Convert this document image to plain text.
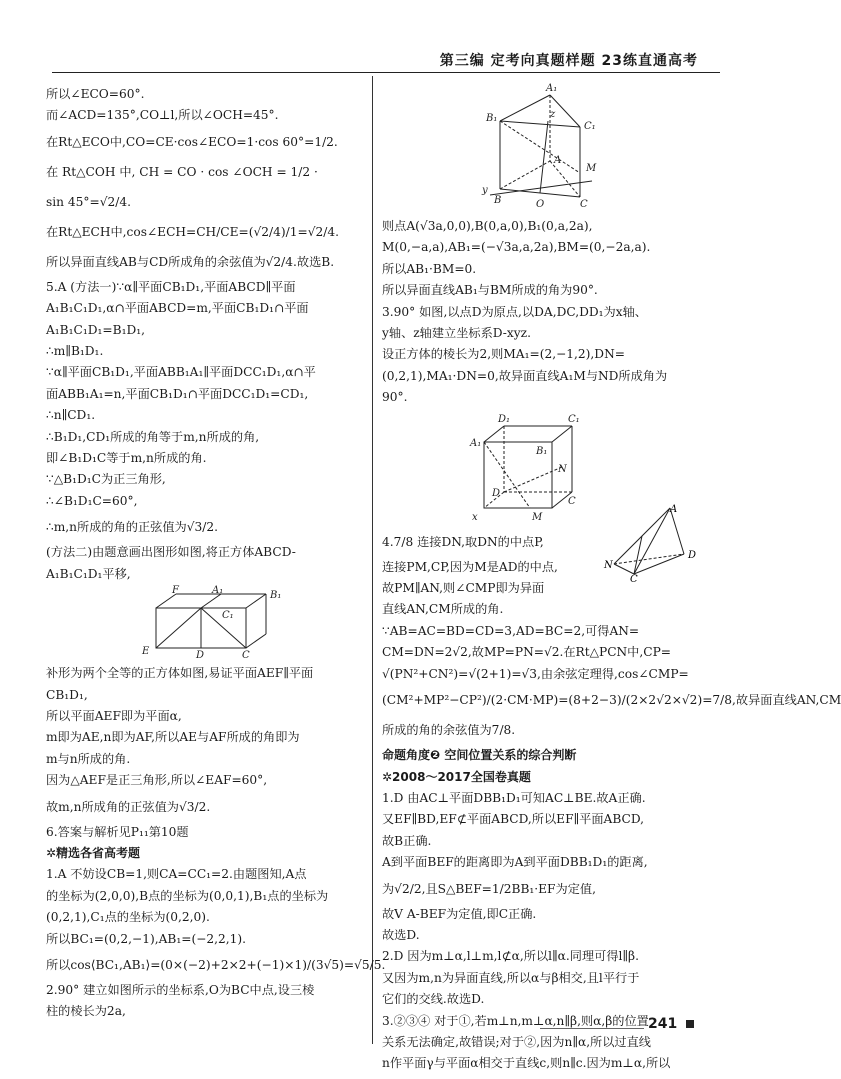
第三编 定考向真题样题 23练直通高考

所以∠ECO=60°.

而∠ACD=135°,CO⊥l,所以∠OCH=45°.

在Rt△ECO中,CO=CE·cos∠ECO=1·cos 60°=1/2.

在 Rt△COH 中, CH = CO · cos ∠OCH = 1/2 ·

sin 45°=√2/4.

在Rt△ECH中,cos∠ECH=CH/CE=(√2/4)/1=√2/4.

所以异面直线AB与CD所成角的余弦值为√2/4.故选B.

5.A (方法一)∵α∥平面CB₁D₁,平面ABCD∥平面

A₁B₁C₁D₁,α∩平面ABCD=m,平面CB₁D₁∩平面

A₁B₁C₁D₁=B₁D₁,

∴m∥B₁D₁.

∵α∥平面CB₁D₁,平面ABB₁A₁∥平面DCC₁D₁,α∩平

面ABB₁A₁=n,平面CB₁D₁∩平面DCC₁D₁=CD₁,

∴n∥CD₁.

∴B₁D₁,CD₁所成的角等于m,n所成的角,

即∠B₁D₁C等于m,n所成的角.

∵△B₁D₁C为正三角形,

∴∠B₁D₁C=60°,

∴m,n所成的角的正弦值为√3/2.

(方法二)由题意画出图形如图,将正方体ABCD-

A₁B₁C₁D₁平移,

F	A₁	B₁
E	D	C
C₁

补形为两个全等的正方体如图,易证平面AEF∥平面

CB₁D₁,

所以平面AEF即为平面α,

m即为AE,n即为AF,所以AE与AF所成的角即为

m与n所成的角.

因为△AEF是正三角形,所以∠EAF=60°,

故m,n所成角的正弦值为√3/2.

6.答案与解析见P₁₁第10题

✲精选各省高考题

1.A 不妨设CB=1,则CA=CC₁=2.由题图知,A点

的坐标为(2,0,0),B点的坐标为(0,0,1),B₁点的坐标为

(0,2,1),C₁点的坐标为(0,2,0).

所以BC₁=(0,2,−1),AB₁=(−2,2,1).

所以cos⟨BC₁,AB₁⟩=(0×(−2)+2×2+(−1)×1)/(3√5)=√5/5.

2.90° 建立如图所示的坐标系,O为BC中点,设三棱

柱的棱长为2a,

A₁
B₁
C₁
M
y
B	O	C
z
A

则点A(√3a,0,0),B(0,a,0),B₁(0,a,2a),

M(0,−a,a),AB₁=(−√3a,a,2a),BM=(0,−2a,a).

所以AB₁·BM=0.

所以异面直线AB₁与BM所成的角为90°.

3.90° 如图,以点D为原点,以DA,DC,DD₁为x轴、

y轴、z轴建立坐标系D-xyz.

设正方体的棱长为2,则MA₁=(2,−1,2),DN=

(0,2,1),MA₁·DN=0,故异面直线A₁M与ND所成角为

90°.

D₁	C₁
A₁
B₁
N
D
C
M
x

4.7/8 连接DN,取DN的中点P,

连接PM,CP,因为M是AD的中点,

故PM∥AN,则∠CMP即为异面

直线AN,CM所成的角.

∵AB=AC=BD=CD=3,AD=BC=2,可得AN=

CM=DN=2√2,故MP=PN=√2.在Rt△PCN中,CP=

√(PN²+CN²)=√(2+1)=√3,由余弦定理得,cos∠CMP=

(CM²+MP²−CP²)/(2·CM·MP)=(8+2−3)/(2×2√2×√2)=7/8,故异面直线AN,CM

所成的角的余弦值为7/8.

命题角度❷ 空间位置关系的综合判断

✲2008～2017全国卷真题

1.D 由AC⊥平面DBB₁D₁可知AC⊥BE.故A正确.

又EF∥BD,EF⊄平面ABCD,所以EF∥平面ABCD,

故B正确.

A到平面BEF的距离即为A到平面DBB₁D₁的距离,

为√2/2,且S△BEF=1/2BB₁·EF为定值,

故V A-BEF为定值,即C正确.

故选D.

2.D 因为m⊥α,l⊥m,l⊄α,所以l∥α.同理可得l∥β.

又因为m,n为异面直线,所以α与β相交,且l平行于

它们的交线.故选D.

3.②③④ 对于①,若m⊥n,m⊥α,n∥β,则α,β的位置

关系无法确定,故错误;对于②,因为n∥α,所以过直线

n作平面γ与平面α相交于直线c,则n∥c.因为m⊥α,所以

A
N
C
D
241
